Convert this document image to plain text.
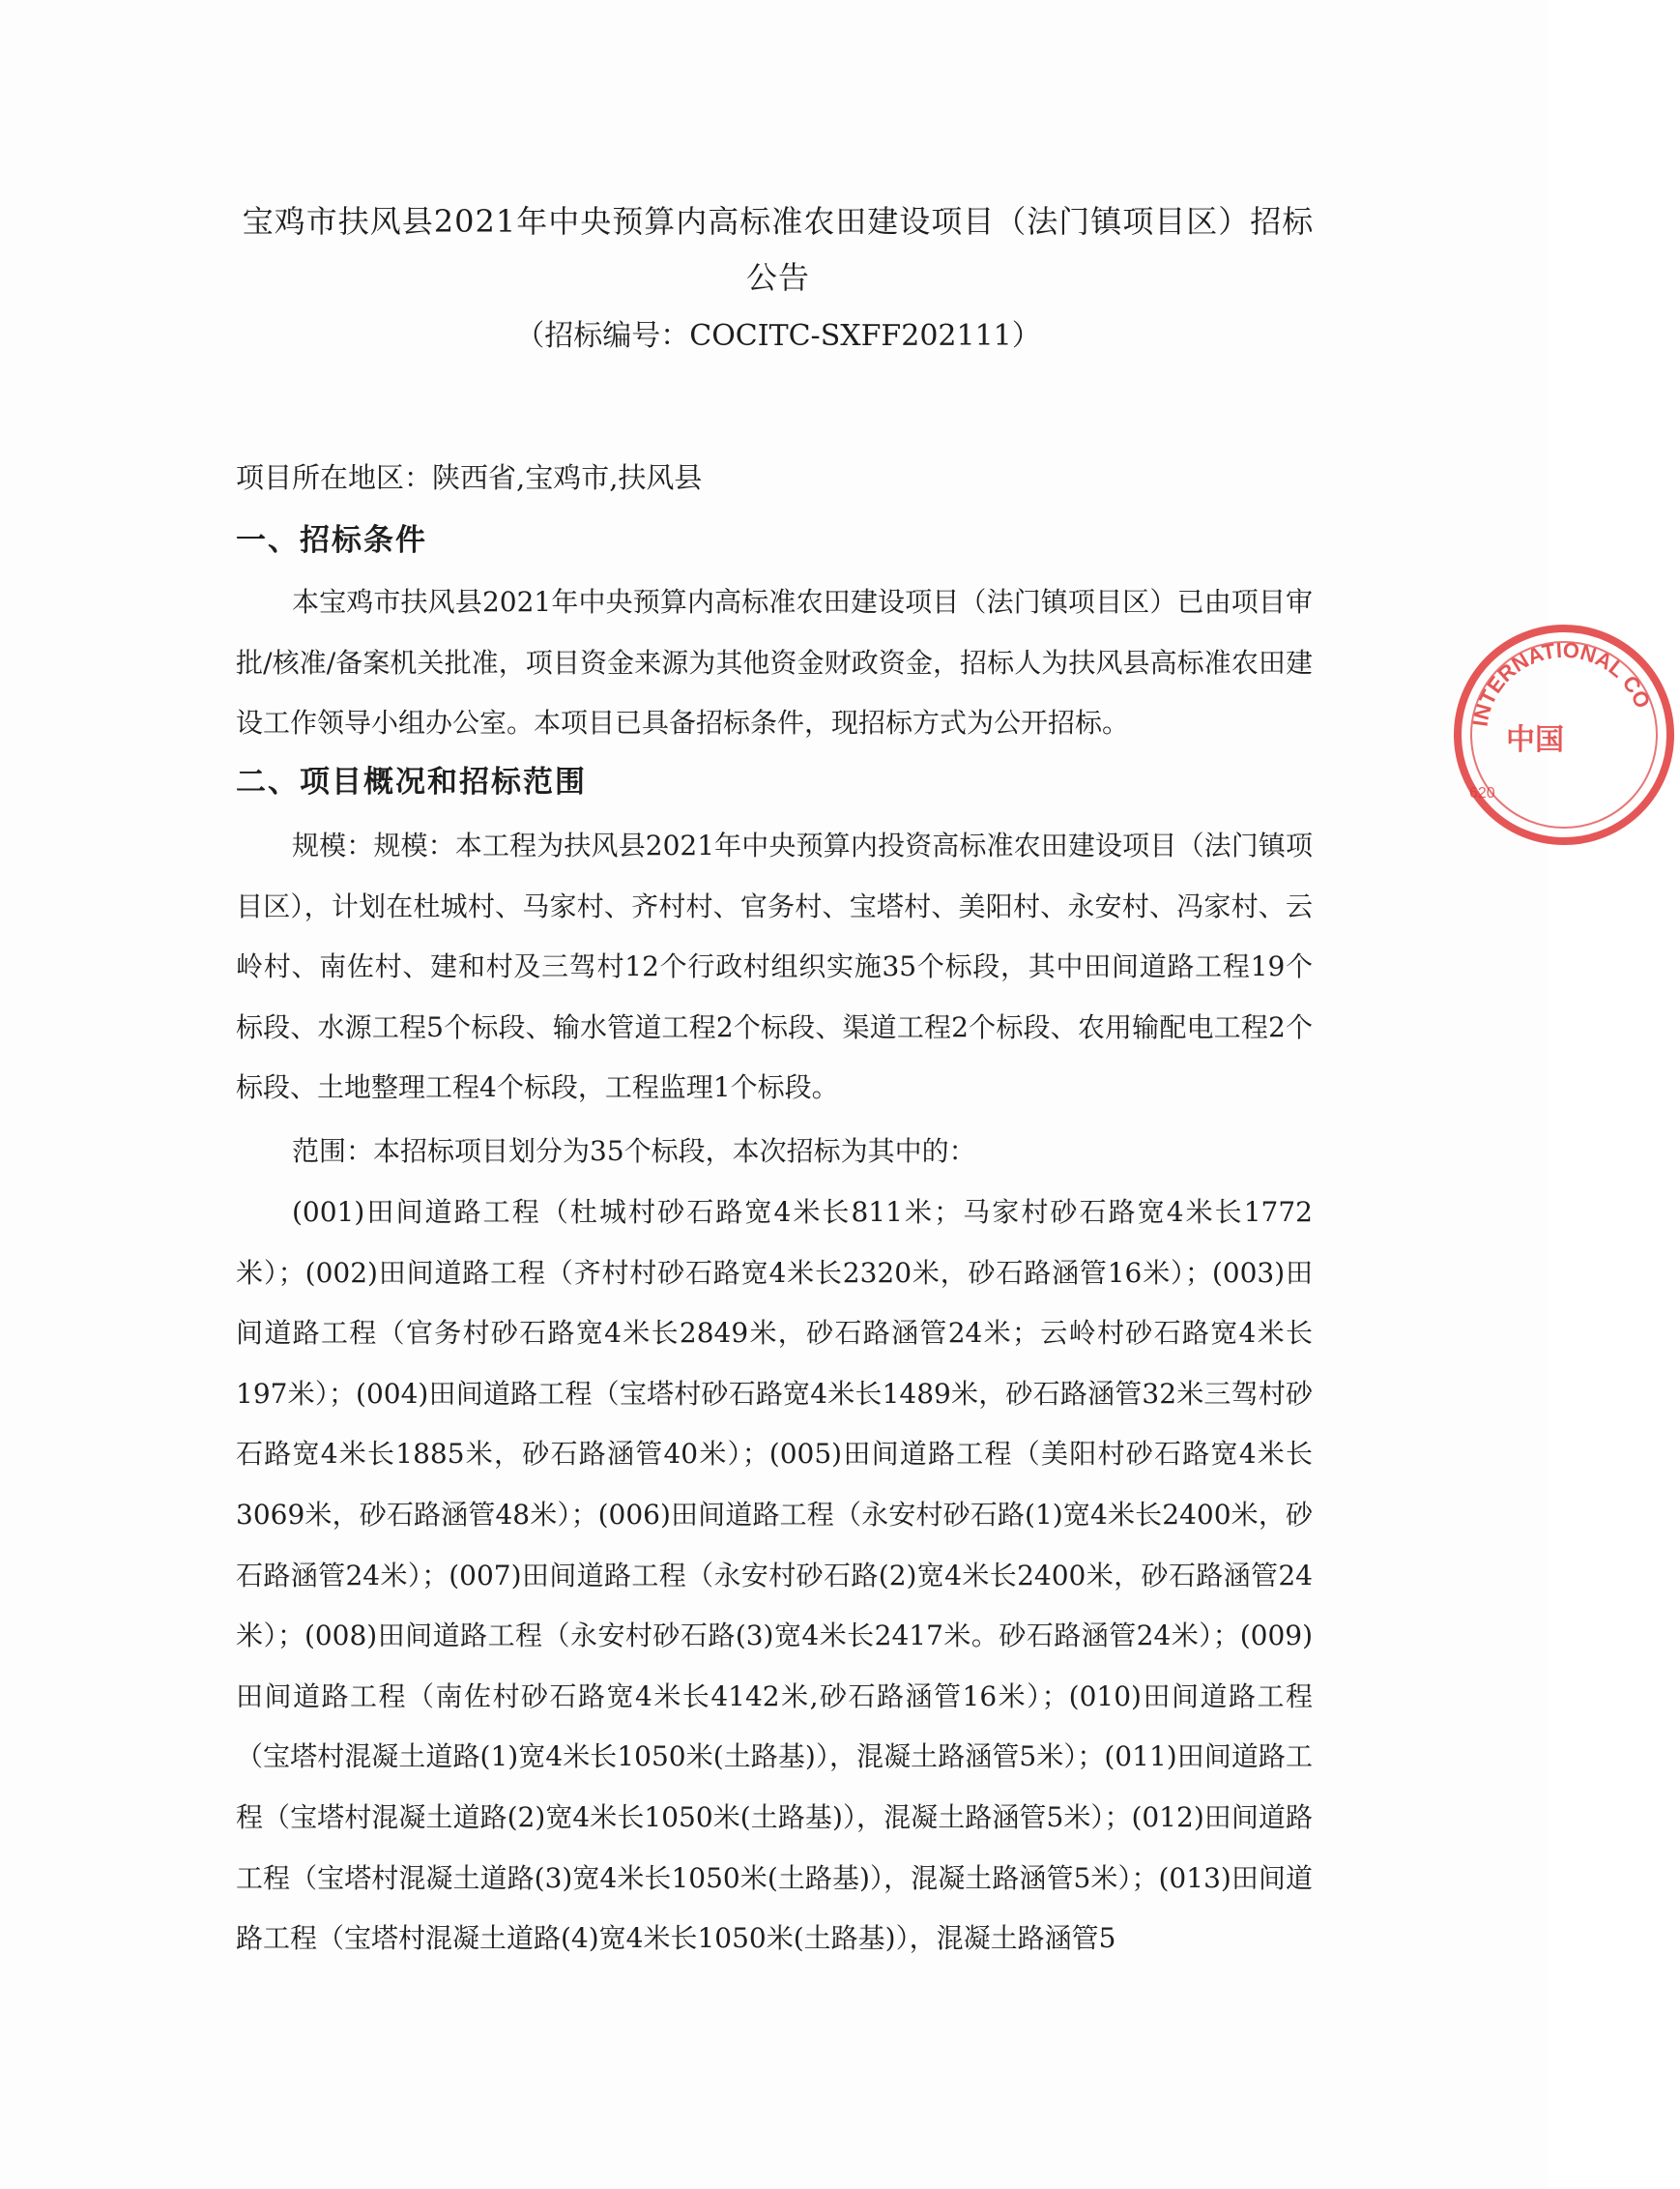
宝鸡市扶风县2021年中央预算内高标准农田建设项目（法门镇项目区）招标公告
（招标编号：COCITC-SXFF202111）
项目所在地区：陕西省,宝鸡市,扶风县
一、招标条件

本宝鸡市扶风县2021年中央预算内高标准农田建设项目（法门镇项目区）已由项目审批/核准/备案机关批准，项目资金来源为其他资金财政资金，招标人为扶风县高标准农田建设工作领导小组办公室。本项目已具备招标条件，现招标方式为公开招标。

二、项目概况和招标范围

规模：规模：本工程为扶风县2021年中央预算内投资高标准农田建设项目（法门镇项目区），计划在杜城村、马家村、齐村村、官务村、宝塔村、美阳村、永安村、冯家村、云岭村、南佐村、建和村及三驾村12个行政村组织实施35个标段，其中田间道路工程19个标段、水源工程5个标段、输水管道工程2个标段、渠道工程2个标段、农用输配电工程2个标段、土地整理工程4个标段，工程监理1个标段。

范围：本招标项目划分为35个标段，本次招标为其中的：

(001)田间道路工程（杜城村砂石路宽4米长811米；马家村砂石路宽4米长1772米）；(002)田间道路工程（齐村村砂石路宽4米长2320米，砂石路涵管16米）；(003)田间道路工程（官务村砂石路宽4米长2849米，砂石路涵管24米；云岭村砂石路宽4米长197米）；(004)田间道路工程（宝塔村砂石路宽4米长1489米，砂石路涵管32米三驾村砂石路宽4米长1885米，砂石路涵管40米）；(005)田间道路工程（美阳村砂石路宽4米长3069米，砂石路涵管48米）；(006)田间道路工程（永安村砂石路(1)宽4米长2400米，砂石路涵管24米）；(007)田间道路工程（永安村砂石路(2)宽4米长2400米，砂石路涵管24米）；(008)田间道路工程（永安村砂石路(3)宽4米长2417米。砂石路涵管24米）；(009)田间道路工程（南佐村砂石路宽4米长4142米,砂石路涵管16米）；(010)田间道路工程（宝塔村混凝土道路(1)宽4米长1050米(土路基)），混凝土路涵管5米）；(011)田间道路工程（宝塔村混凝土道路(2)宽4米长1050米(土路基)），混凝土路涵管5米）；(012)田间道路工程（宝塔村混凝土道路(3)宽4米长1050米(土路基)），混凝土路涵管5米）；(013)田间道路工程（宝塔村混凝土道路(4)宽4米长1050米(土路基)），混凝土路涵管5

INTERNATIONAL CO
中国
620
